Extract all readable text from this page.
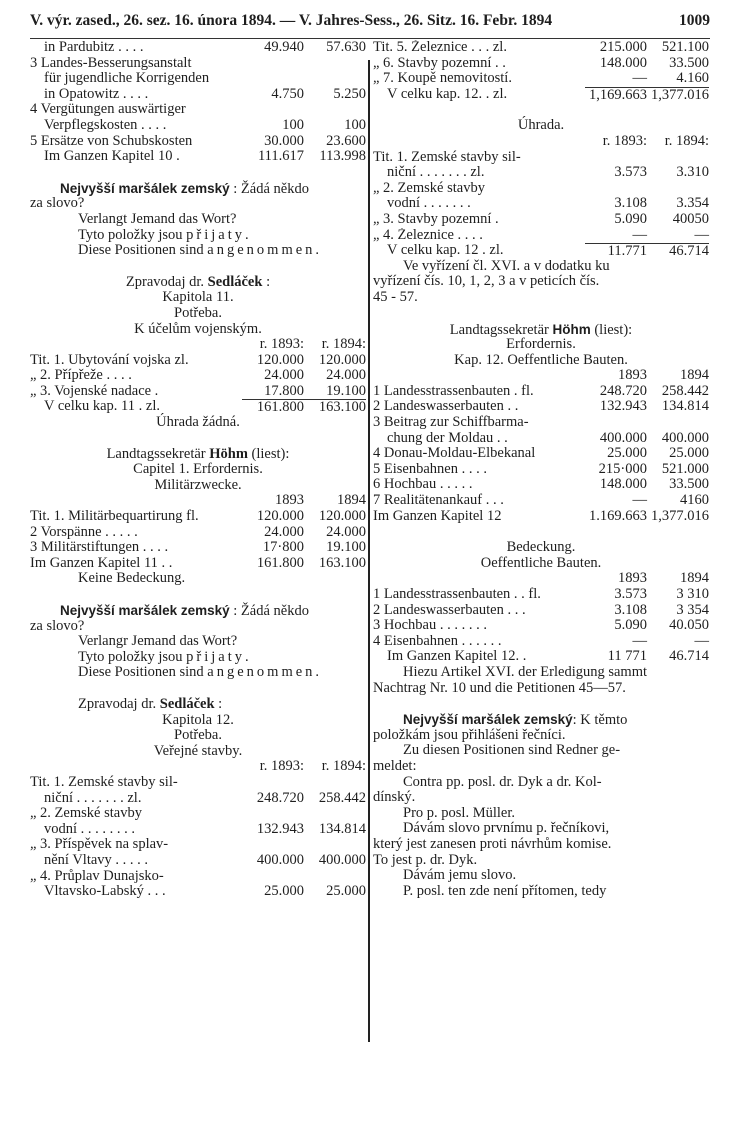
V. výr. zased., 26. sez. 16. února 1894. — V. Jahres-Sess., 26. Sitz. 16. Febr. 1894	1009
in Pardubitz . . . .	49.940	57.630
3 Landes-Besserungsanstalt
für jugendliche Korrigenden
in Opatowitz . . . .	4.750	5.250
4 Vergütungen auswärtiger
Verpflegskosten . . . .	100	100
5 Ersätze von Schubskosten	30.000	23.600
Im Ganzen Kapitel 10 .	111.617	113.998
Nejvyšší maršálek zemský : Žádá někdo
za slovo?
Verlangt Jemand das Wort?
Tyto položky jsou přijaty.
Diese Positionen sind angenommen.
Zpravodaj dr. Sedláček :
Kapitola 11.
Potřeba.
K účelům vojenským.
r. 1893:	r. 1894:
Tit. 1. Ubytování vojska zl.	120.000	120.000
„ 2. Přípřeže . . . .	24.000	24.000
„ 3. Vojenské nadace .	17.800	19.100
V celku kap. 11 . zl.	161.800	163.100
Úhrada žádná.
Landtagssekretär Höhm (liest):
Capitel 1. Erfordernis.
Militärzwecke.
1893	1894
Tit. 1. Militärbequartirung fl.	120.000	120.000
2 Vorspänne . . . . .	24.000	24.000
3 Militärstiftungen . . . .	17·800	19.100
Im Ganzen Kapitel 11 . .	161.800	163.100
Keine Bedeckung.
Nejvyšší maršálek zemský : Žádá někdo
za slovo?
Verlangr Jemand das Wort?
Tyto položky jsou přijaty.
Diese Positionen sind angenommen.
Zpravodaj dr. Sedláček :
Kapitola 12.
Potřeba.
Veřejné stavby.
r. 1893:	r. 1894:
Tit. 1. Zemské stavby sil-
niční . . . . . . . zl.	248.720	258.442
„ 2. Zemské stavby
vodní . . . . . . . .	132.943	134.814
„ 3. Příspěvek na splav-
nění Vltavy . . . . .	400.000	400.000
„ 4. Průplav Dunajsko-
Vltavsko-Labský . . .	25.000	25.000
Tit. 5. Železnice . . . zl.	215.000	521.100
„ 6. Stavby pozemní . .	148.000	33.500
„ 7. Koupě nemovitostí.	—	4.160
V celku kap. 12. . zl.	1,169.663 1,377.016
Úhrada.
r. 1893:	r. 1894:
Tit. 1. Zemské stavby sil-
niční . . . . . . . zl.	3.573	3.310
„ 2. Zemské stavby
vodní . . . . . . .	3.108	3.354
„ 3. Stavby pozemní .	5.090	40050
„ 4. Železnice . . . .	—	—
V celku kap. 12 . zl.	11.771	46.714
Ve vyřízení čl. XVI. a v dodatku ku
vyřízení čís. 10, 1, 2, 3 a v peticích čís.
45 - 57.
Landtagssekretär Höhm (liest):
Erfordernis.
Kap. 12. Oeffentliche Bauten.
1893	1894
1 Landesstrassenbauten . fl.	248.720	258.442
2 Landeswasserbauten . .	132.943	134.814
3 Beitrag zur Schiffbarma-
chung der Moldau . .	400.000	400.000
4 Donau-Moldau-Elbekanal	25.000	25.000
5 Eisenbahnen . . . .	215·000	521.000
6 Hochbau . . . . .	148.000	33.500
7 Realitätenankauf . . .	—	4160
Im Ganzen Kapitel 12	1.169.663 1,377.016
Bedeckung.
Oeffentliche Bauten.
1893	1894
1 Landesstrassenbauten . . fl.	3.573	3 310
2 Landeswasserbauten . . .	3.108	3 354
3 Hochbau . . . . . . .	5.090	40.050
4 Eisenbahnen . . . . . .	—	—
Im Ganzen Kapitel 12. .	11 771	46.714
Hiezu Artikel XVI. der Erledigung sammt
Nachtrag Nr. 10 und die Petitionen 45—57.
Nejvyšší maršálek zemský: K těmto
položkám jsou přihlášeni řečníci.
Zu diesen Positionen sind Redner ge-
meldet:
Contra pp. posl. dr. Dyk a dr. Kol-
dínský.
Pro p. posl. Müller.
Dávám slovo prvnímu p. řečníkovi,
který jest zanesen proti návrhům komise.
To jest p. dr. Dyk.
Dávám jemu slovo.
P. posl. ten zde není přítomen, tedy
